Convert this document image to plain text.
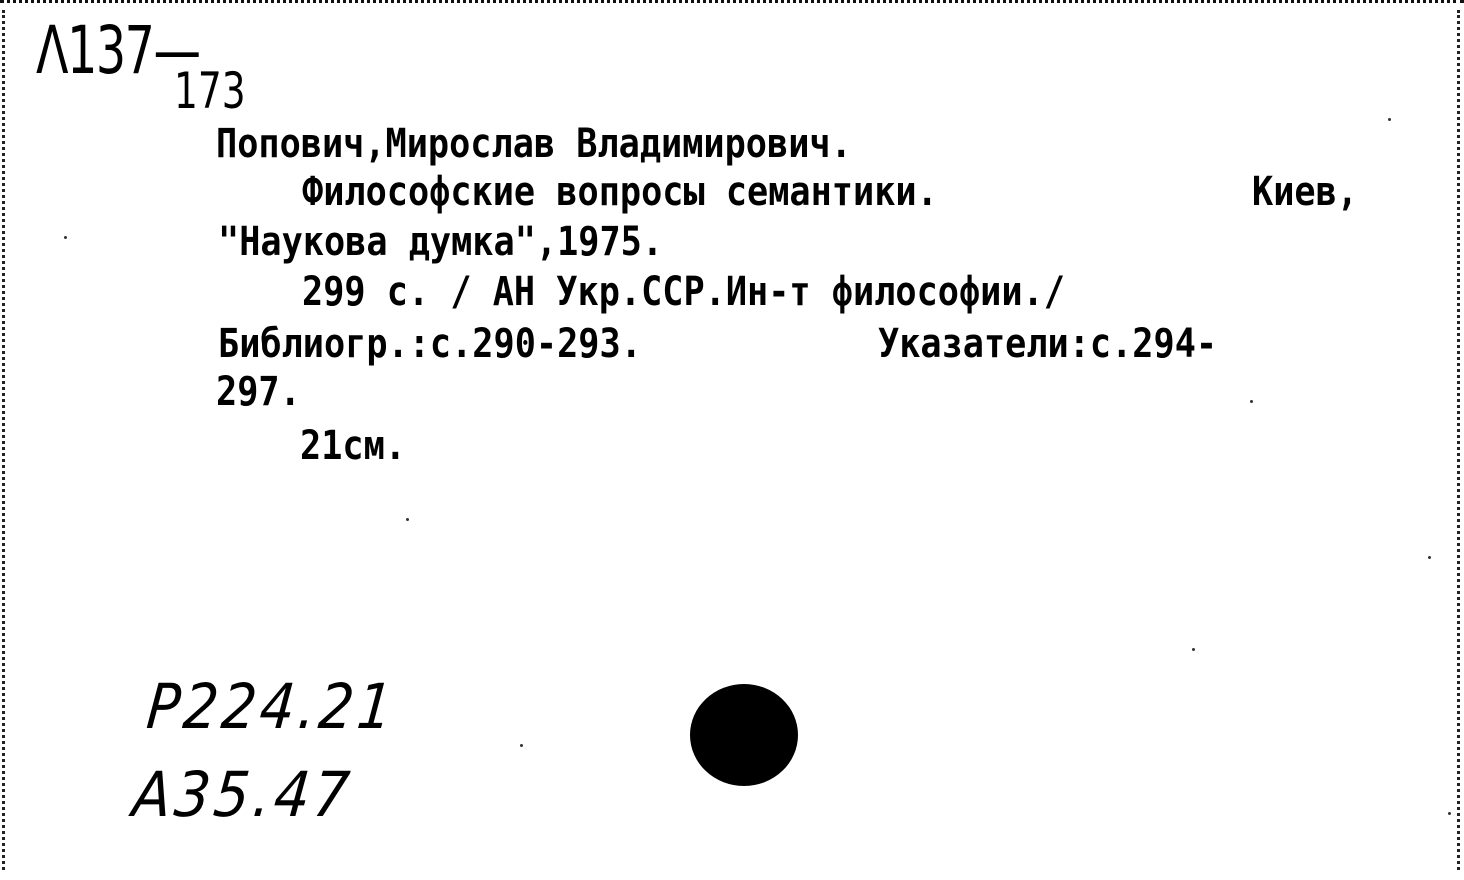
Λ137—
173
Попович,Мирослав Владимирович.
Философские вопросы семантики.	Киев,
"Наукова думка",1975.
299 с. / АН Укр.ССР.Ин-т философии./
Библиогр.:с.290-293.	Указатели:с.294-
297.
21см.
P224.21
A35.47
